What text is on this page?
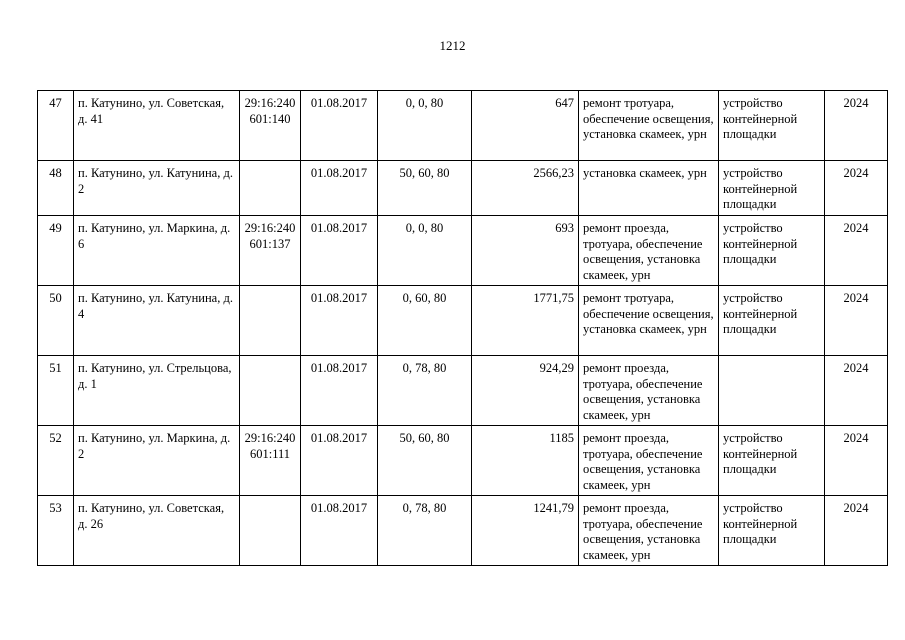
1212
47	п. Катунино, ул. Советская, д. 41	29:16:240 601:140	01.08.2017	0, 0, 80	647	ремонт тротуара, обеспечение освещения, установка скамеек, урн	устройство контейнерной площадки	2024
48	п. Катунино, ул. Катунина, д. 2		01.08.2017	50, 60, 80	2566,23	установка скамеек, урн	устройство контейнерной площадки	2024
49	п. Катунино, ул. Маркина, д. 6	29:16:240 601:137	01.08.2017	0, 0, 80	693	ремонт проезда, тротуара, обеспечение освещения, установка скамеек, урн	устройство контейнерной площадки	2024
50	п. Катунино, ул. Катунина, д. 4		01.08.2017	0, 60, 80	1771,75	ремонт тротуара, обеспечение освещения, установка скамеек, урн	устройство контейнерной площадки	2024
51	п. Катунино, ул. Стрельцова, д. 1		01.08.2017	0, 78, 80	924,29	ремонт проезда, тротуара, обеспечение освещения, установка скамеек, урн		2024
52	п. Катунино, ул. Маркина, д. 2	29:16:240 601:111	01.08.2017	50, 60, 80	1185	ремонт проезда, тротуара, обеспечение освещения, установка скамеек, урн	устройство контейнерной площадки	2024
53	п. Катунино, ул. Советская, д. 26		01.08.2017	0, 78, 80	1241,79	ремонт проезда, тротуара, обеспечение освещения, установка скамеек, урн	устройство контейнерной площадки	2024
